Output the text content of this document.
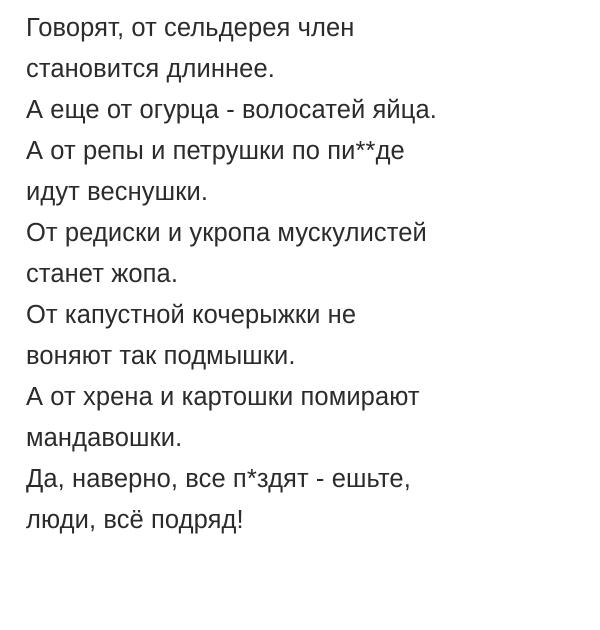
Говорят, от сельдерея член
становится длиннее.
А еще от огурца - волосатей яйца.
А от репы и петрушки по пи**де
идут веснушки.
От редиски и укропа мускулистей
станет жопа.
От капустной кочерыжки не
воняют так подмышки.
А от хрена и картошки помирают
мандавошки.
Да, наверно, все п*здят - ешьте,
люди, всё подряд!
